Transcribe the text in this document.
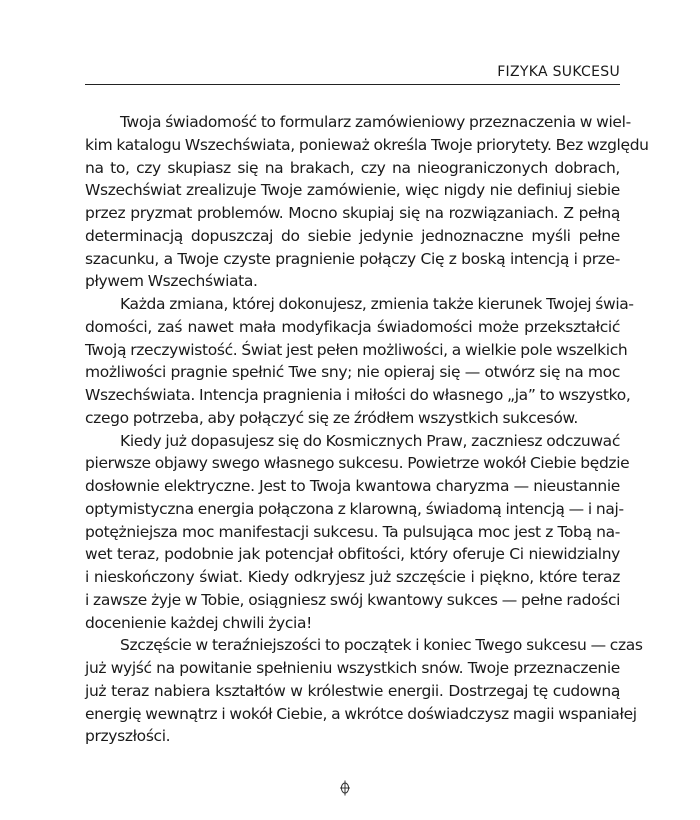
FIZYKA SUKCESU
Twoja świadomość to formularz zamówieniowy przeznaczenia w wiel-
kim katalogu Wszechświata, ponieważ określa Twoje priorytety. Bez względu
na to, czy skupiasz się na brakach, czy na nieograniczonych dobrach,
Wszechświat zrealizuje Twoje zamówienie, więc nigdy nie definiuj siebie
przez pryzmat problemów. Mocno skupiaj się na rozwiązaniach. Z pełną
determinacją dopuszczaj do siebie jedynie jednoznaczne myśli pełne
szacunku, a Twoje czyste pragnienie połączy Cię z boską intencją i prze-
pływem Wszechświata.
Każda zmiana, której dokonujesz, zmienia także kierunek Twojej świa-
domości, zaś nawet mała modyfikacja świadomości może przekształcić
Twoją rzeczywistość. Świat jest pełen możliwości, a wielkie pole wszelkich
możliwości pragnie spełnić Twe sny; nie opieraj się — otwórz się na moc
Wszechświata. Intencja pragnienia i miłości do własnego „ja” to wszystko,
czego potrzeba, aby połączyć się ze źródłem wszystkich sukcesów.
Kiedy już dopasujesz się do Kosmicznych Praw, zaczniesz odczuwać
pierwsze objawy swego własnego sukcesu. Powietrze wokół Ciebie będzie
dosłownie elektryczne. Jest to Twoja kwantowa charyzma — nieustannie
optymistyczna energia połączona z klarowną, świadomą intencją — i naj-
potężniejsza moc manifestacji sukcesu. Ta pulsująca moc jest z Tobą na-
wet teraz, podobnie jak potencjał obfitości, który oferuje Ci niewidzialny
i nieskończony świat. Kiedy odkryjesz już szczęście i piękno, które teraz
i zawsze żyje w Tobie, osiągniesz swój kwantowy sukces — pełne radości
docenienie każdej chwili życia!
Szczęście w teraźniejszości to początek i koniec Twego sukcesu — czas
już wyjść na powitanie spełnieniu wszystkich snów. Twoje przeznaczenie
już teraz nabiera kształtów w królestwie energii. Dostrzegaj tę cudowną
energię wewnątrz i wokół Ciebie, a wkrótce doświadczysz magii wspaniałej
przyszłości.
